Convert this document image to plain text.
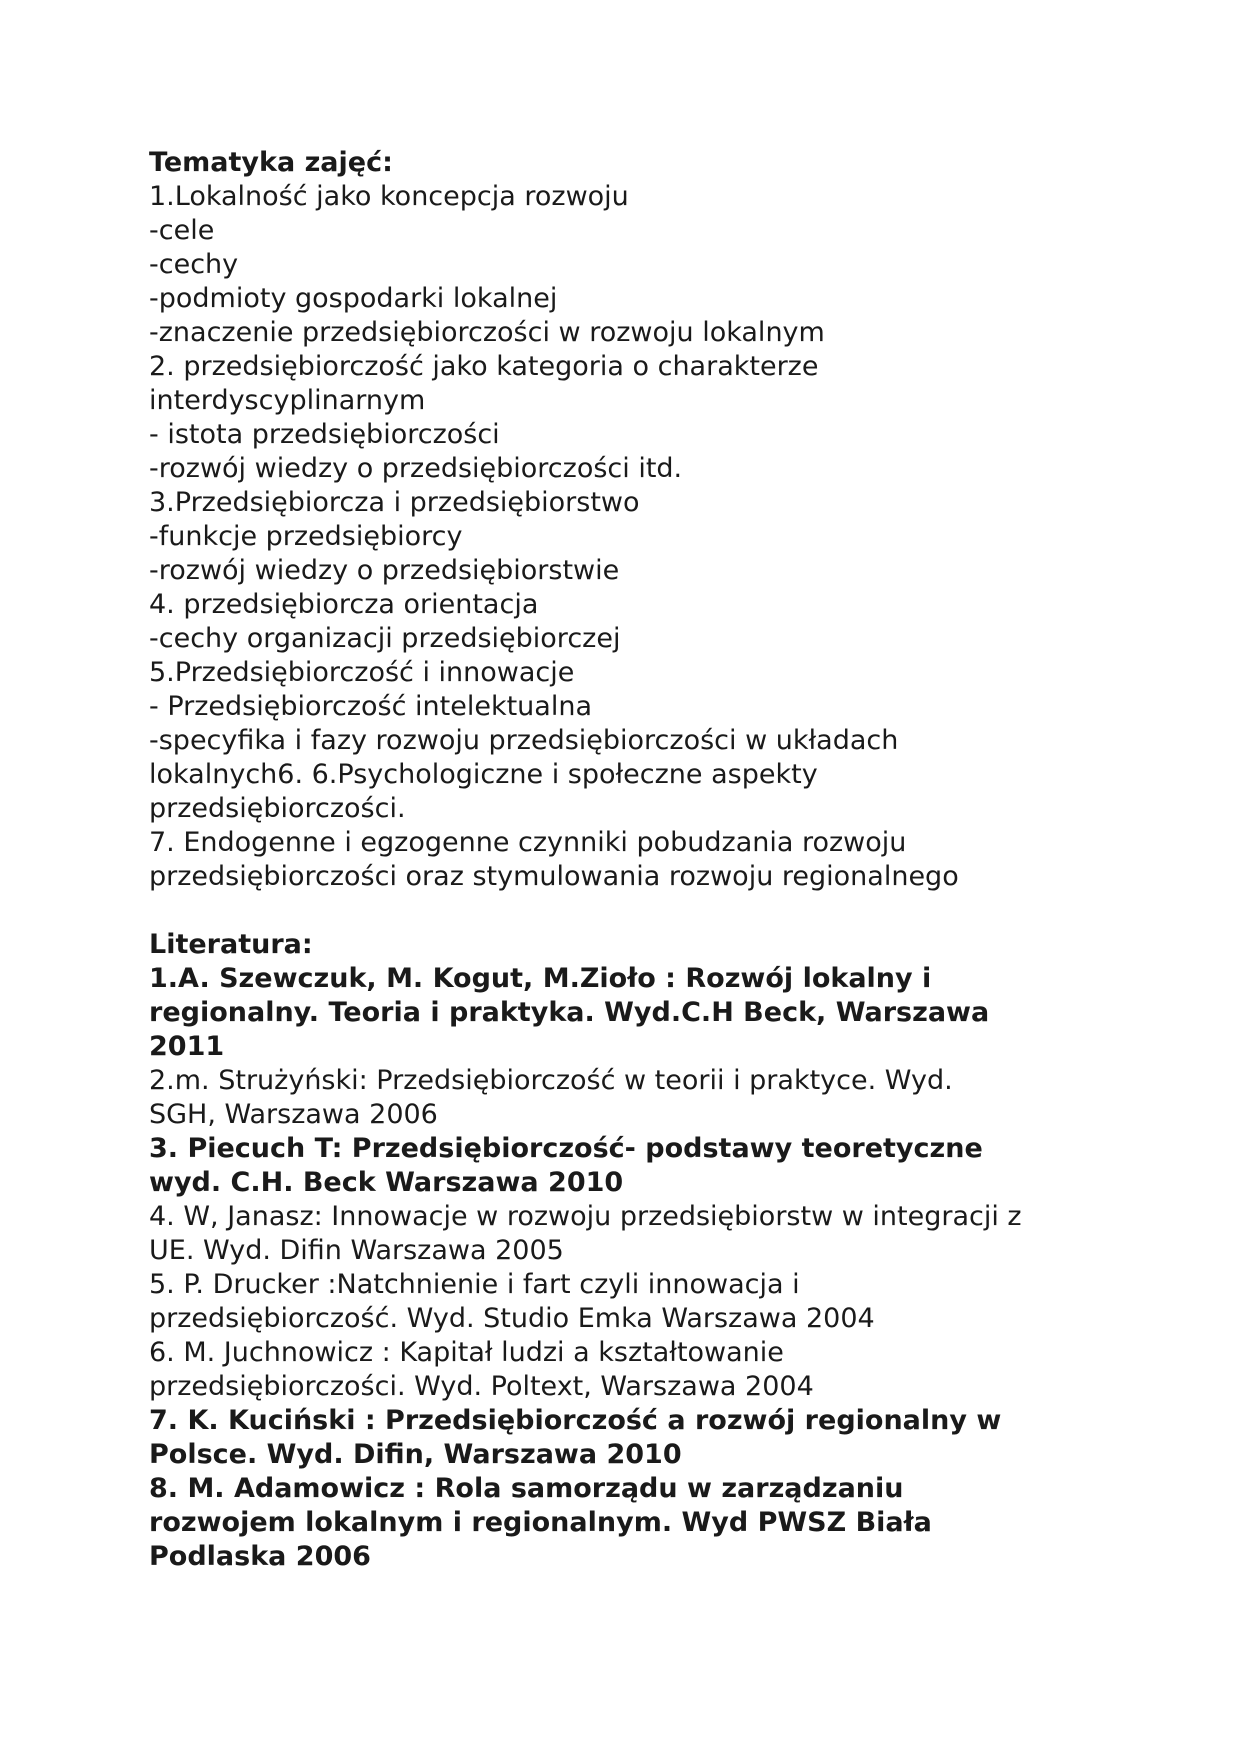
Tematyka zajęć:
1.Lokalność jako koncepcja rozwoju
-cele
-cechy
-podmioty gospodarki lokalnej
-znaczenie przedsiębiorczości w rozwoju lokalnym
2. przedsiębiorczość jako kategoria o charakterze
interdyscyplinarnym
- istota przedsiębiorczości
-rozwój wiedzy o przedsiębiorczości itd.
3.Przedsiębiorcza i przedsiębiorstwo
-funkcje przedsiębiorcy
-rozwój wiedzy o przedsiębiorstwie
4. przedsiębiorcza orientacja
-cechy organizacji przedsiębiorczej
5.Przedsiębiorczość i innowacje
- Przedsiębiorczość intelektualna
-specyfika i fazy rozwoju przedsiębiorczości w układach
lokalnych6. 6.Psychologiczne i społeczne aspekty
przedsiębiorczości.
7. Endogenne i egzogenne czynniki pobudzania rozwoju
przedsiębiorczości oraz stymulowania rozwoju regionalnego
Literatura:
1.A. Szewczuk, M. Kogut, M.Zioło : Rozwój lokalny i
regionalny. Teoria i praktyka. Wyd.C.H Beck, Warszawa
2011
2.m. Strużyński: Przedsiębiorczość w teorii i praktyce. Wyd.
SGH, Warszawa 2006
3. Piecuch T: Przedsiębiorczość- podstawy teoretyczne
wyd. C.H. Beck Warszawa 2010
4. W, Janasz: Innowacje w rozwoju przedsiębiorstw w integracji z
UE. Wyd. Difin Warszawa 2005
5. P. Drucker :Natchnienie i fart czyli innowacja i
przedsiębiorczość. Wyd. Studio Emka Warszawa 2004
6. M. Juchnowicz : Kapitał ludzi a kształtowanie
przedsiębiorczości. Wyd. Poltext, Warszawa 2004
7. K. Kuciński : Przedsiębiorczość a rozwój regionalny w
Polsce. Wyd. Difin, Warszawa 2010
8. M. Adamowicz : Rola samorządu w zarządzaniu
rozwojem lokalnym i regionalnym. Wyd PWSZ Biała
Podlaska 2006
